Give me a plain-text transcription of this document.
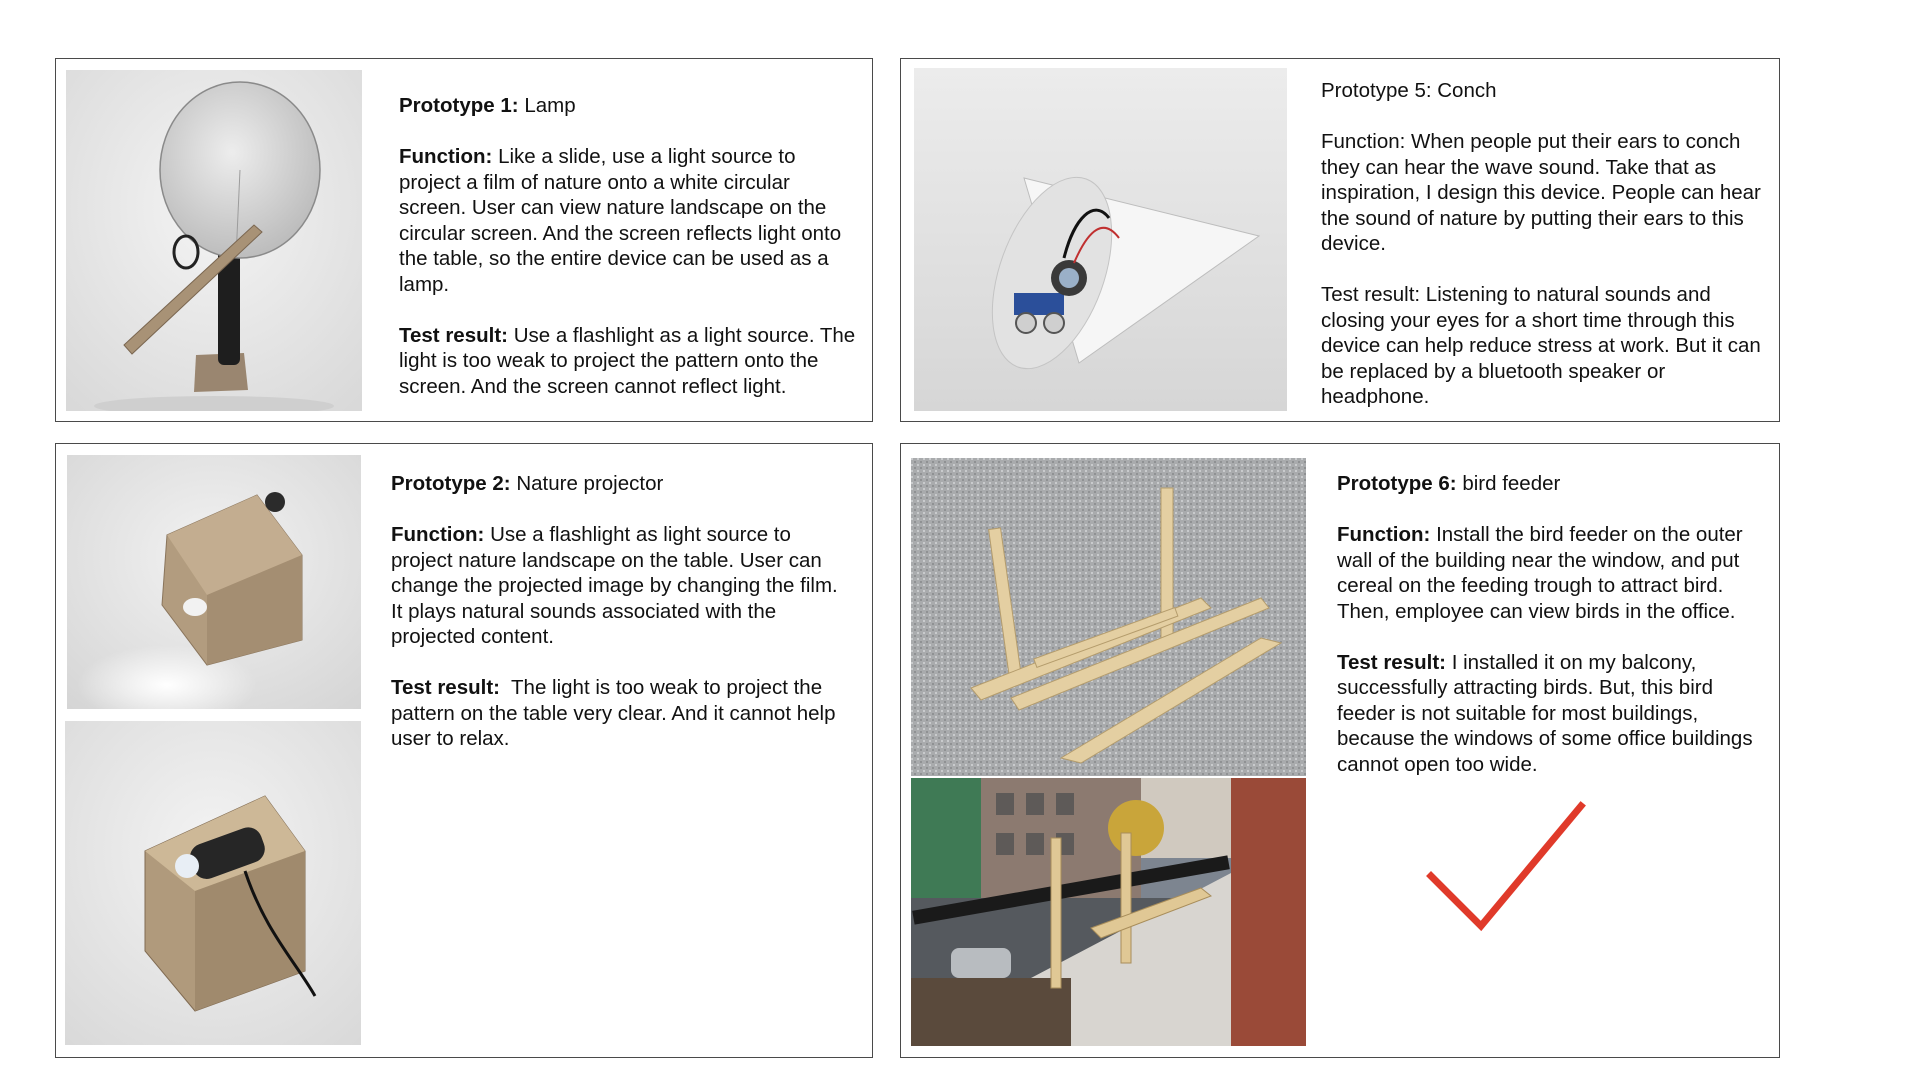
Prototype 1: Lamp

Function: Like a slide, use a light source to project a film of nature onto a white circular screen. User can view nature landscape on the circular screen. And the screen reflects light onto the table, so the entire device can be used as a lamp.

Test result: Use a flashlight as a light source. The light is too weak to project the pattern onto the screen. And the screen cannot reflect light.

Prototype 5: Conch

Function: When people put their ears to conch they can hear the wave sound. Take that as inspiration, I design this device. People can hear the sound of nature by putting their ears to this device.

Test result: Listening to natural sounds and closing your eyes for a short time through this device can help reduce stress at work. But it can be replaced by a bluetooth speaker or headphone.

Prototype 2: Nature projector

Function: Use a flashlight as light source to project nature landscape on the table. User can change the projected image by changing the film. It plays natural sounds associated with the projected content.

Test result: The light is too weak to project the pattern on the table very clear. And it cannot help user to relax.

Prototype 6: bird feeder

Function: Install the bird feeder on the outer wall of the building near the window, and put cereal on the feeding trough to attract bird. Then, employee can view birds in the office.

Test result: I installed it on my balcony, successfully attracting birds. But, this bird feeder is not suitable for most buildings, because the windows of some office buildings cannot open too wide.
